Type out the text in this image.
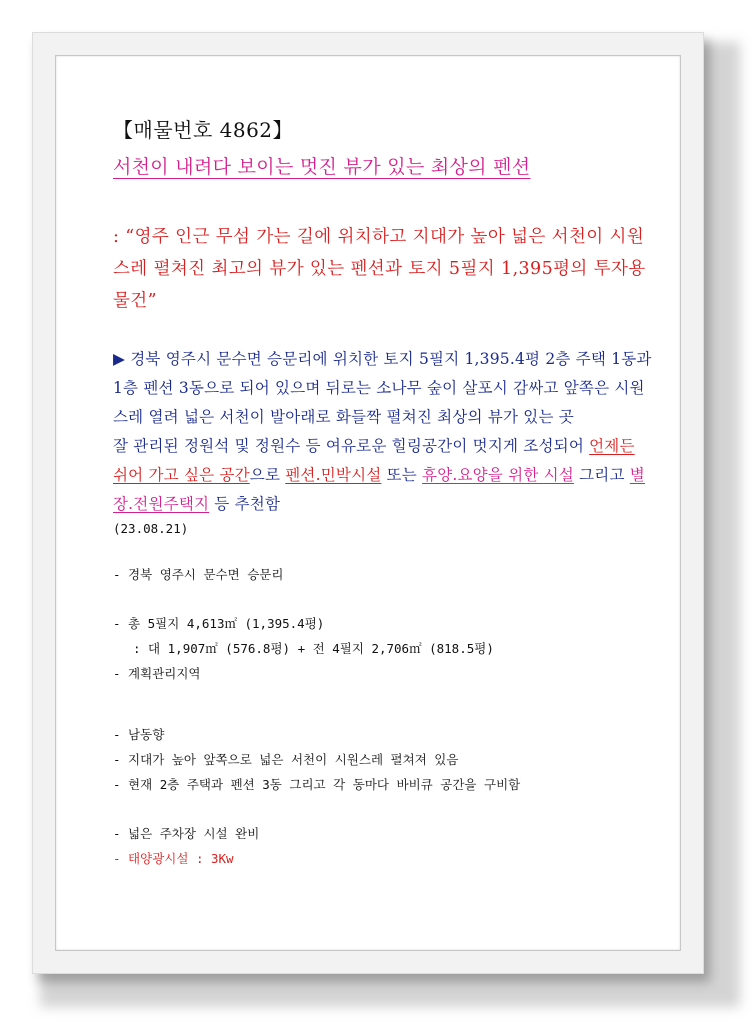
【매물번호 4862】

서천이 내려다 보이는 멋진 뷰가 있는 최상의 펜션
: “영주 인근 무섬 가는 길에 위치하고 지대가 높아 넓은 서천이 시원스레 펼쳐진 최고의 뷰가 있는 펜션과 토지 5필지 1,395평의 투자용 물건”
▶ 경북 영주시 문수면 승문리에 위치한 토지 5필지 1,395.4평 2층 주택 1동과 1층 펜션 3동으로 되어 있으며 뒤로는 소나무 숲이 살포시 감싸고 앞쪽은 시원스레 열려 넓은 서천이 발아래로 화들짝 펼쳐진 최상의 뷰가 있는 곳
잘 관리된 정원석 및 정원수 등 여유로운 힐링공간이 멋지게 조성되어 언제든 쉬어 가고 싶은 공간으로 펜션.민박시설 또는 휴양.요양을 위한 시설 그리고 별장.전원주택지 등 추천함
(23.08.21)
- 경북 영주시 문수면 승문리
- 총 5필지 4,613㎡ (1,395.4평)
: 대 1,907㎡ (576.8평) + 전 4필지 2,706㎡ (818.5평)
- 계획관리지역
- 남동향
- 지대가 높아 앞쪽으로 넓은 서천이 시원스레 펼쳐져 있음
- 현재 2층 주택과 펜션 3동 그리고 각 동마다 바비큐 공간을 구비함
- 넓은 주차장 시설 완비
- 태양광시설 : 3Kw
